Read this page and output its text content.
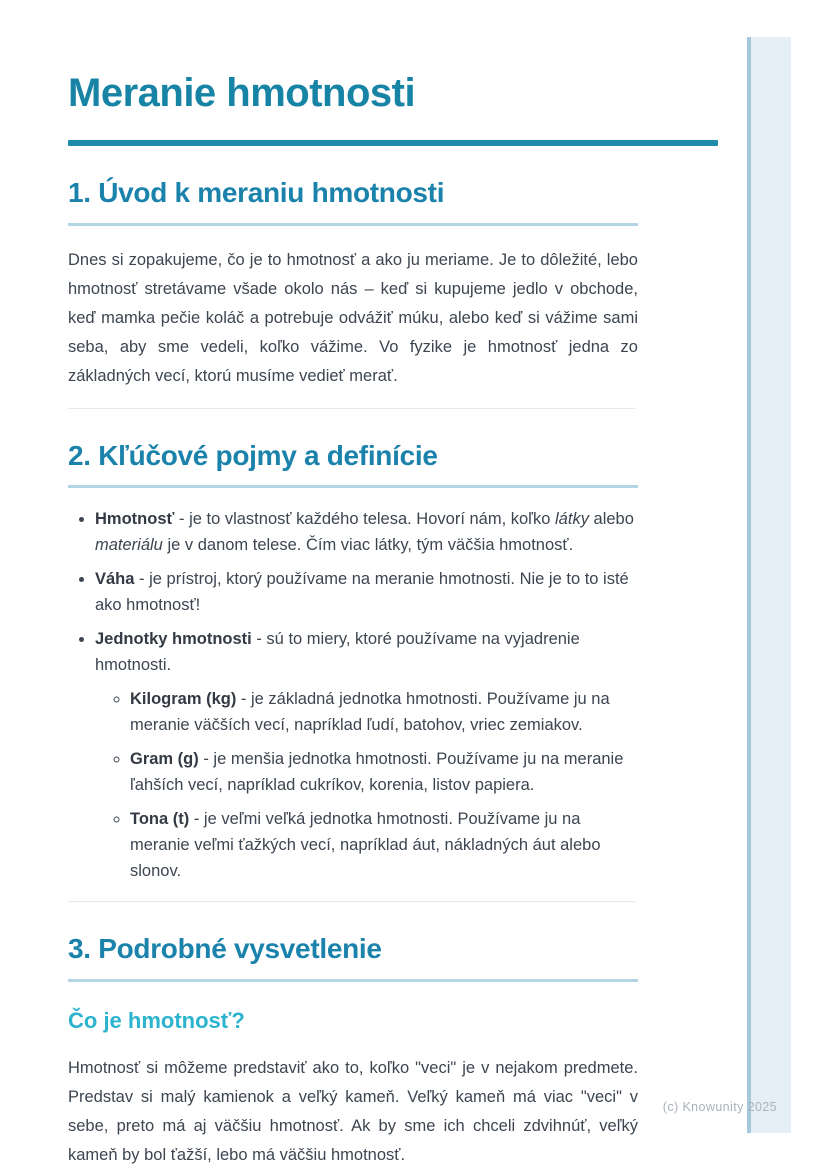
Meranie hmotnosti
1. Úvod k meraniu hmotnosti

Dnes si zopakujeme, čo je to hmotnosť a ako ju meriame. Je to dôležité, lebo hmotnosť stretávame všade okolo nás – keď si kupujeme jedlo v obchode, keď mamka pečie koláč a potrebuje odvážiť múku, alebo keď si vážime sami seba, aby sme vedeli, koľko vážime. Vo fyzike je hmotnosť jedna zo základných vecí, ktorú musíme vedieť merať.

2. Kľúčové pojmy a definície
• Hmotnosť - je to vlastnosť každého telesa. Hovorí nám, koľko látky alebo materiálu je v danom telese. Čím viac látky, tým väčšia hmotnosť.
• Váha - je prístroj, ktorý používame na meranie hmotnosti. Nie je to to isté ako hmotnosť!
• Jednotky hmotnosti - sú to miery, ktoré používame na vyjadrenie hmotnosti.
◦ Kilogram (kg) - je základná jednotka hmotnosti. Používame ju na meranie väčších vecí, napríklad ľudí, batohov, vriec zemiakov.
◦ Gram (g) - je menšia jednotka hmotnosti. Používame ju na meranie ľahších vecí, napríklad cukríkov, korenia, listov papiera.
◦ Tona (t) - je veľmi veľká jednotka hmotnosti. Používame ju na meranie veľmi ťažkých vecí, napríklad áut, nákladných áut alebo slonov.
3. Podrobné vysvetlenie
Čo je hmotnosť?

Hmotnosť si môžeme predstaviť ako to, koľko "veci" je v nejakom predmete. Predstav si malý kamienok a veľký kameň. Veľký kameň má viac "veci" v sebe, preto má aj väčšiu hmotnosť. Ak by sme ich chceli zdvihnúť, veľký kameň by bol ťažší, lebo má väčšiu hmotnosť.

(c) Knowunity 2025
